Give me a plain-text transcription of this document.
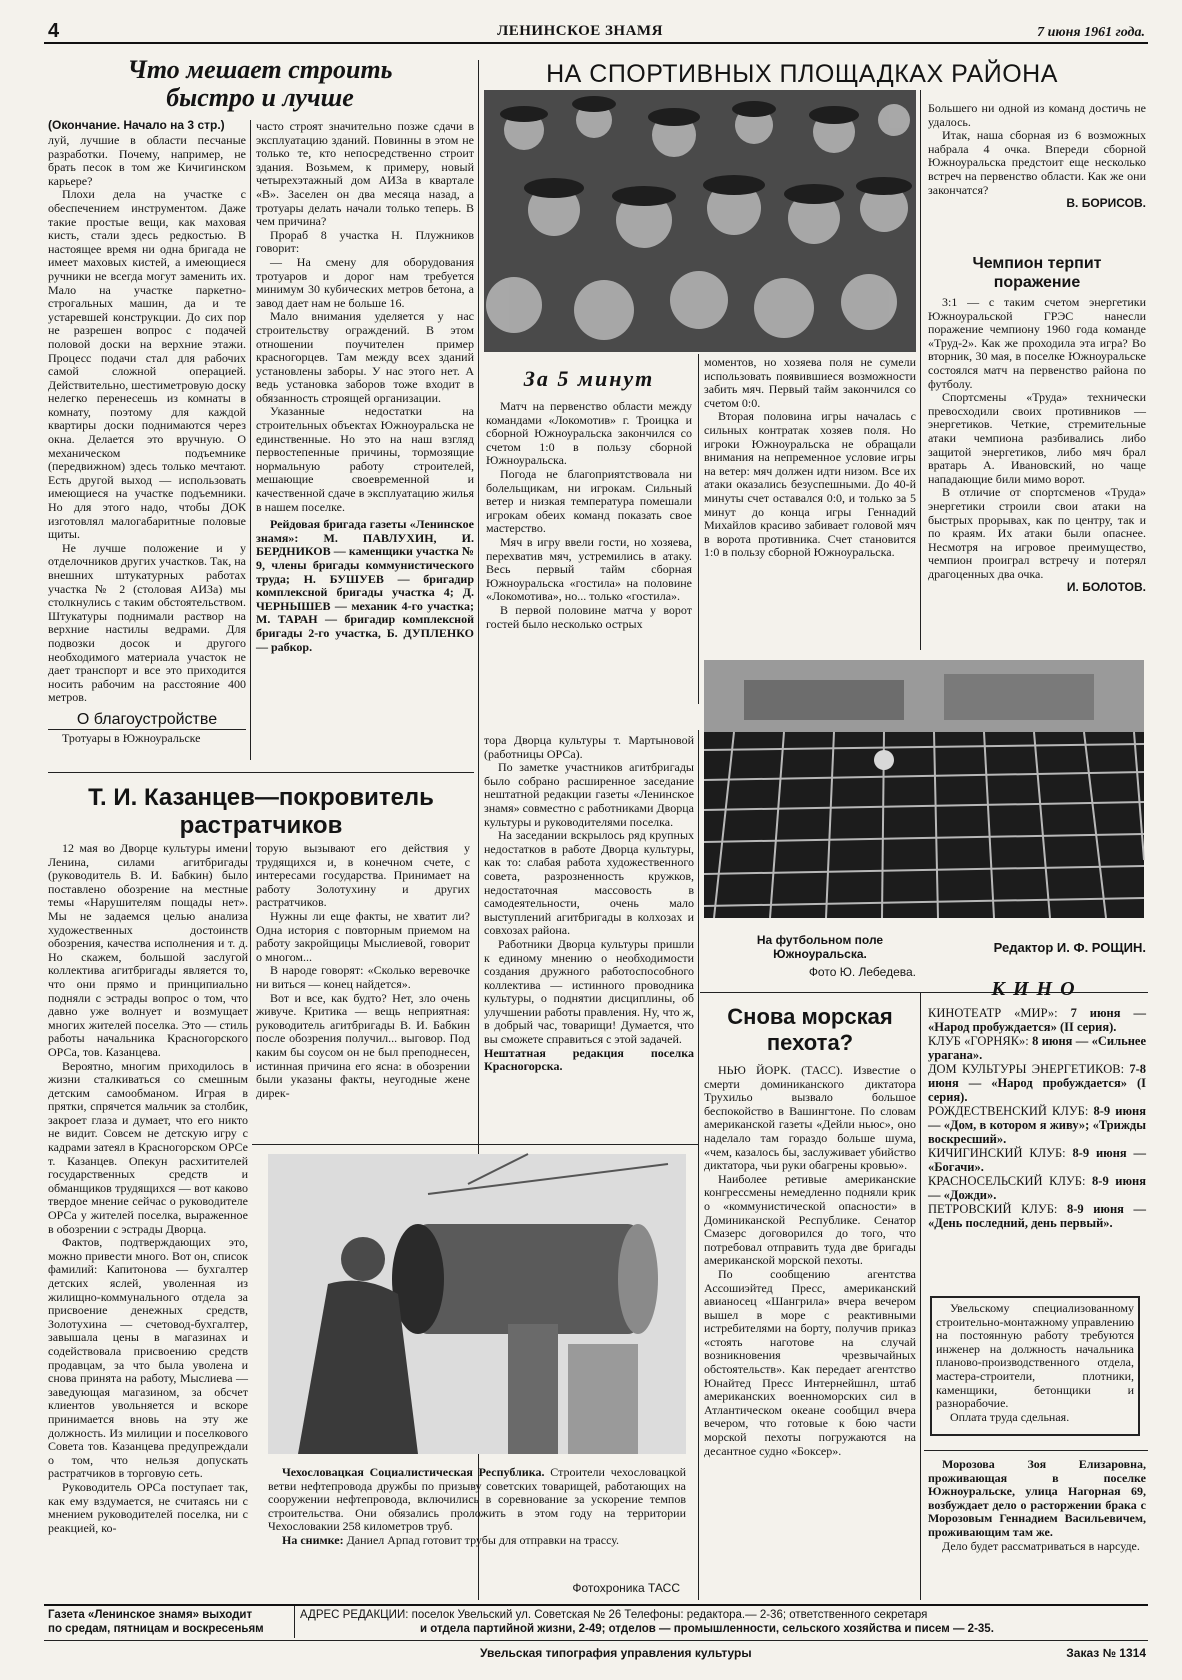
4	ЛЕНИНСКОЕ ЗНАМЯ	7 июня 1961 года.
Что мешает строить
быстро и лучше
(Окончание. Начало на 3 стр.)

луй, лучшие в области песчаные разработки. Почему, например, не брать песок в том же Кичигинском карьере?

Плохи дела на участке с обеспечением инструментом. Даже такие простые вещи, как маховая кисть, стали здесь редкостью. В настоящее время ни одна бригада не имеет маховых кистей, а имеющиеся ручники не всегда могут заменить их. Мало на участке паркетно-строгальных машин, да и те устаревшей конструкции. До сих пор не разрешен вопрос с подачей половой доски на верхние этажи. Процесс подачи стал для рабочих самой сложной операцией. Действительно, шестиметровую доску нелегко перенесешь из комнаты в комнату, поэтому для каждой квартиры доски поднимаются через окна. Делается это вручную. О механическом подъемнике (передвижном) здесь только мечтают. Есть другой выход — использовать имеющиеся на участке подъемники. Но для этого надо, чтобы ДОК изготовлял малогабаритные половые щиты.

Не лучше положение и у отделочников других участков. Так, на внешних штукатурных работах участка № 2 (столовая АИЗа) мы столкнулись с таким обстоятельством. Штукатуры поднимали раствор на верхние настилы ведрами. Для подвозки досок и другого необходимого материала участок не дает транспорт и все это приходится носить рабочим на расстояние 400 метров.

О благоустройстве

Тротуары в Южноуральске

часто строят значительно позже сдачи в эксплуатацию зданий. Повинны в этом не только те, кто непосредственно строит здания. Возьмем, к примеру, новый четырехэтажный дом АИЗа в квартале «В». Заселен он два месяца назад, а тротуары делать начали только теперь. В чем причина?

Прораб 8 участка Н. Плужников говорит:

— На смену для оборудования тротуаров и дорог нам требуется минимум 30 кубических метров бетона, а завод дает нам не больше 16.

Мало внимания уделяется у нас строительству ограждений. В этом отношении поучителен пример красногорцев. Там между всех зданий установлены заборы. У нас этого нет. А ведь установка заборов тоже входит в обязанность строящей организации.

Указанные недостатки на строительных объектах Южноуральска не единственные. Но это на наш взгляд первостепенные причины, тормозящие нормальную работу строителей, мешающие своевременной и качественной сдаче в эксплуатацию жилья в нашем поселке.

Рейдовая бригада газеты «Ленинское знамя»: М. ПАВЛУХИН, И. БЕРДНИКОВ — каменщики участка № 9, члены бригады коммунистического труда; Н. БУШУЕВ — бригадир комплексной бригады участка 4; Д. ЧЕРНЫШЕВ — механик 4-го участка; М. ТАРАН — бригадир комплексной бригады 2-го участка, Б. ДУПЛЕНКО — рабкор.

НА СПОРТИВНЫХ ПЛОЩАДКАХ РАЙОНА
За 5 минут

Матч на первенство области между командами «Локомотив» г. Троицка и сборной Южноуральска закончился со счетом 1:0 в пользу сборной Южноуральска.

Погода не благоприятствовала ни болельщикам, ни игрокам. Сильный ветер и низкая температура помешали игрокам обеих команд показать свое мастерство.

Мяч в игру ввели гости, но хозяева, перехватив мяч, устремились в атаку. Весь первый тайм сборная Южноуральска «гостила» на половине «Локомотива», но... только «гостила».

В первой половине матча у ворот гостей было несколько острых

моментов, но хозяева поля не сумели использовать появившиеся возможности забить мяч. Первый тайм закончился со счетом 0:0.

Вторая половина игры началась с сильных контратак хозяев поля. Но игроки Южноуральска не обращали внимания на непременное условие игры на ветер: мяч должен идти низом. Все их атаки оказались безуспешными. До 40-й минуты счет оставался 0:0, и только за 5 минут до конца игры Геннадий Михайлов красиво забивает головой мяч в ворота противника. Счет становится 1:0 в пользу сборной Южноуральска.

Большего ни одной из команд достичь не удалось.

Итак, наша сборная из 6 возможных набрала 4 очка. Впереди сборной Южноуральска предстоит еще несколько встреч на первенство области. Как же они закончатся?

В. БОРИСОВ.
Чемпион терпит
поражение

3:1 — с таким счетом энергетики Южноуральской ГРЭС нанесли поражение чемпиону 1960 года команде «Труд-2». Как же проходила эта игра? Во вторник, 30 мая, в поселке Южноуральске состоялся матч на первенство района по футболу.

Спортсмены «Труда» технически превосходили своих противников — энергетиков. Четкие, стремительные атаки чемпиона разбивались либо защитой энергетиков, либо мяч брал вратарь А. Ивановский, но чаще нападающие били мимо ворот.

В отличие от спортсменов «Труда» энергетики строили свои атаки на быстрых прорывах, как по центру, так и по краям. Их атаки были опаснее. Несмотря на игровое преимущество, чемпион проиграл встречу и потерял драгоценных два очка.

И. БОЛОТОВ.
На футбольном поле
Южноуральска.
Фото Ю. Лебедева.
Редактор И. Ф. РОЩИН.
Т. И. Казанцев—покровитель
растратчиков

12 мая во Дворце культуры имени Ленина, силами агитбригады (руководитель В. И. Бабкин) было поставлено обозрение на местные темы «Нарушителям пощады нет». Мы не задаемся целью анализа художественных достоинств обозрения, качества исполнения и т. д. Но скажем, большой заслугой коллектива агитбригады является то, что они прямо и принципиально подняли с эстрады вопрос о том, что давно уже волнует и возмущает многих жителей поселка. Это — стиль работы начальника Красногорского ОРСа, тов. Казанцева.

Вероятно, многим приходилось в жизни сталкиваться со смешным детским самообманом. Играя в прятки, спрячется мальчик за столбик, закроет глаза и думает, что его никто не видит. Совсем не детскую игру с кадрами затеял в Красногорском ОРСе т. Казанцев. Опекун расхитителей государственных средств и обманщиков трудящихся — вот каково твердое мнение сейчас о руководителе ОРСа у жителей поселка, выраженное в обозрении с эстрады Дворца.

Фактов, подтверждающих это, можно привести много. Вот он, список фамилий: Капитонова — бухгалтер детских яслей, уволенная из жилищно-коммунального отдела за присвоение денежных средств, Золотухина — счетовод-бухгалтер, завышала цены в магазинах и содействовала присвоению средств продавцам, за что была уволена и снова принята на работу, Мыслиева — заведующая магазином, за обсчет клиентов увольняется и вскоре принимается вновь на эту же должность. Из милиции и поселкового Совета тов. Казанцева предупреждали о том, что нельзя допускать растратчиков в торговую сеть.

Руководитель ОРСа поступает так, как ему вздумается, не считаясь ни с мнением руководителей поселка, ни с реакцией, ко-

торую вызывают его действия у трудящихся и, в конечном счете, с интересами государства. Принимает на работу Золотухину и других растратчиков.

Нужны ли еще факты, не хватит ли? Одна история с повторным приемом на работу закройщицы Мыслиевой, говорит о многом...

В народе говорят: «Сколько веревочке ни виться — конец найдется».

Вот и все, как будто? Нет, зло очень живуче. Критика — вещь неприятная: руководитель агитбригады В. И. Бабкин после обозрения получил... выговор. Под каким бы соусом он не был преподнесен, истинная причина его ясна: в обозрении были указаны факты, неугодные жене дирек-

тора Дворца культуры т. Мартыновой (работницы ОРСа).

По заметке участников агитбригады было собрано расширенное заседание нештатной редакции газеты «Ленинское знамя» совместно с работниками Дворца культуры и руководителями поселка.

На заседании вскрылось ряд крупных недостатков в работе Дворца культуры, как то: слабая работа художественного совета, разрозненность кружков, недостаточная массовость в самодеятельности, очень мало выступлений агитбригады в колхозах и совхозах района.

Работники Дворца культуры пришли к единому мнению о необходимости создания дружного работоспособного коллектива — истинного проводника культуры, о поднятии дисциплины, об улучшении работы правления. Ну, что ж, в добрый час, товарищи! Думается, что вы сможете справиться с этой задачей.

Нештатная редакция поселка Красногорска.

Чехословацкая Социалистическая Республика. Строители чехословацкой ветви нефтепровода дружбы по призыву советских товарищей, работающих на сооружении нефтепровода, включились в соревнование за ускорение темпов строительства. Они обязались проложить в этом году на территории Чехословакии 258 километров труб.

На снимке: Даниел Арпад готовит трубы для отправки на трассу.

Фотохроника ТАСС
Снова морская
пехота?

НЬЮ ЙОРК. (ТАСС). Известие о смерти доминиканского диктатора Трухильо вызвало большое беспокойство в Вашингтоне. По словам американской газеты «Дейли ньюс», оно наделало там гораздо больше шума, «чем, казалось бы, заслуживает убийство диктатора, чьи руки обагрены кровью».

Наиболее ретивые американские конгрессмены немедленно подняли крик о «коммунистической опасности» в Доминиканской Республике. Сенатор Смазерс договорился до того, что потребовал отправить туда две бригады американской морской пехоты.

По сообщению агентства Ассошиэйтед Пресс, американский авианосец «Шангрила» вчера вечером вышел в море с реактивными истребителями на борту, получив приказ «стоять наготове на случай возникновения чрезвычайных обстоятельств». Как передает агентство Юнайтед Пресс Интернейшнл, штаб американских военноморских сил в Атлантическом океане сообщил вчера вечером, что готовые к бою части морской пехоты погружаются на десантное судно «Боксер».

КИНО

КИНОТЕАТР «МИР»: 7 июня — «Народ пробуждается» (II серия).

КЛУБ «ГОРНЯК»: 8 июня — «Сильнее урагана».

ДОМ КУЛЬТУРЫ ЭНЕРГЕТИКОВ: 7-8 июня — «Народ пробуждается» (I серия).

РОЖДЕСТВЕНСКИЙ КЛУБ: 8-9 июня — «Дом, в котором я живу»; «Трижды воскресший».

КИЧИГИНСКИЙ КЛУБ: 8-9 июня — «Богачи».

КРАСНОСЕЛЬСКИЙ КЛУБ: 8-9 июня — «Дожди».

ПЕТРОВСКИЙ КЛУБ: 8-9 июня — «День последний, день первый».

Увельскому специализованному строительно-монтажному управлению на постоянную работу требуются инженер на должность начальника планово-производственного отдела, мастера-строители, плотники, каменщики, бетонщики и разнорабочие.

Оплата труда сдельная.

Морозова Зоя Елизаровна, проживающая в поселке Южноуральске, улица Нагорная 69, возбуждает дело о расторжении брака с Морозовым Геннадием Васильевичем, проживающим там же.

Дело будет рассматриваться в нарсуде.

Газета «Ленинское знамя» выходит
по средам, пятницам и воскресеньям
АДРЕС РЕДАКЦИИ: поселок Увельский ул. Советская № 26 Телефоны: редактора.— 2-36; ответственного секретаря
и отдела партийной жизни, 2-49; отделов — промышленности, сельского хозяйства и писем — 2-35.
Увельская типография управления культуры	Заказ № 1314
